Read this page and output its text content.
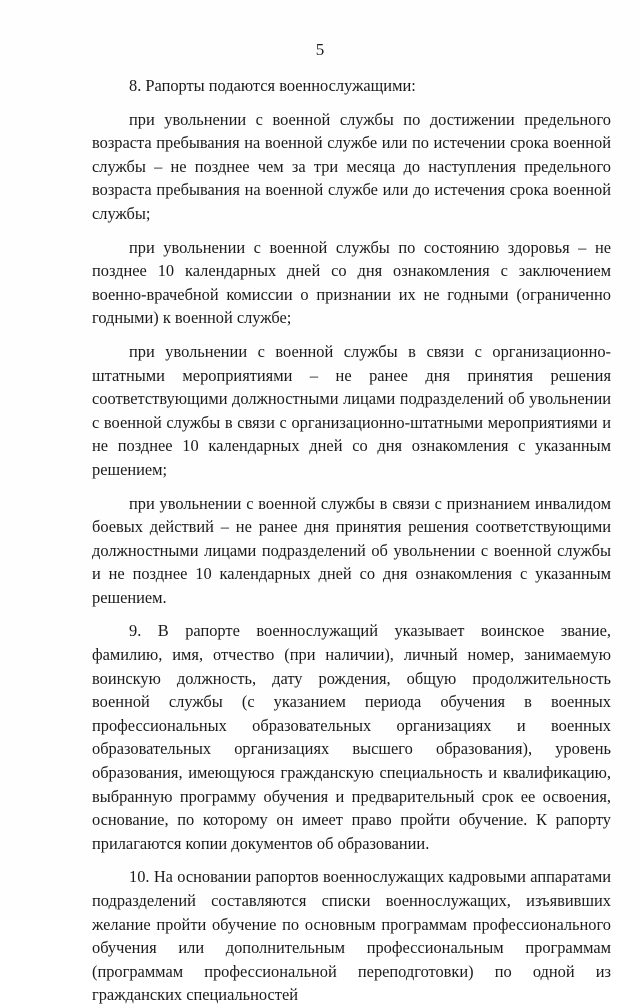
5

8. Рапорты подаются военнослужащими:

при увольнении с военной службы по достижении предельного возраста пребывания на военной службе или по истечении срока военной службы – не позднее чем за три месяца до наступления предельного возраста пребывания на военной службе или до истечения срока военной службы;

при увольнении с военной службы по состоянию здоровья – не позднее 10 календарных дней со дня ознакомления с заключением военно-врачебной комиссии о признании их не годными (ограниченно годными) к военной службе;

при увольнении с военной службы в связи с организационно-штатными мероприятиями – не ранее дня принятия решения соответствующими должностными лицами подразделений об увольнении с военной службы в связи с организационно-штатными мероприятиями и не позднее 10 календарных дней со дня ознакомления с указанным решением;

при увольнении с военной службы в связи с признанием инвалидом боевых действий – не ранее дня принятия решения соответствующими должностными лицами подразделений об увольнении с военной службы и не позднее 10 календарных дней со дня ознакомления с указанным решением.

9. В рапорте военнослужащий указывает воинское звание, фамилию, имя, отчество (при наличии), личный номер, занимаемую воинскую должность, дату рождения, общую продолжительность военной службы (с указанием периода обучения в военных профессиональных образовательных организациях и военных образовательных организациях высшего образования), уровень образования, имеющуюся гражданскую специальность и квалификацию, выбранную программу обучения и предварительный срок ее освоения, основание, по которому он имеет право пройти обучение. К рапорту прилагаются копии документов об образовании.

10. На основании рапортов военнослужащих кадровыми аппаратами подразделений составляются списки военнослужащих, изъявивших желание пройти обучение по основным программам профессионального обучения или дополнительным профессиональным программам (программам профессиональной переподготовки) по одной из гражданских специальностей
